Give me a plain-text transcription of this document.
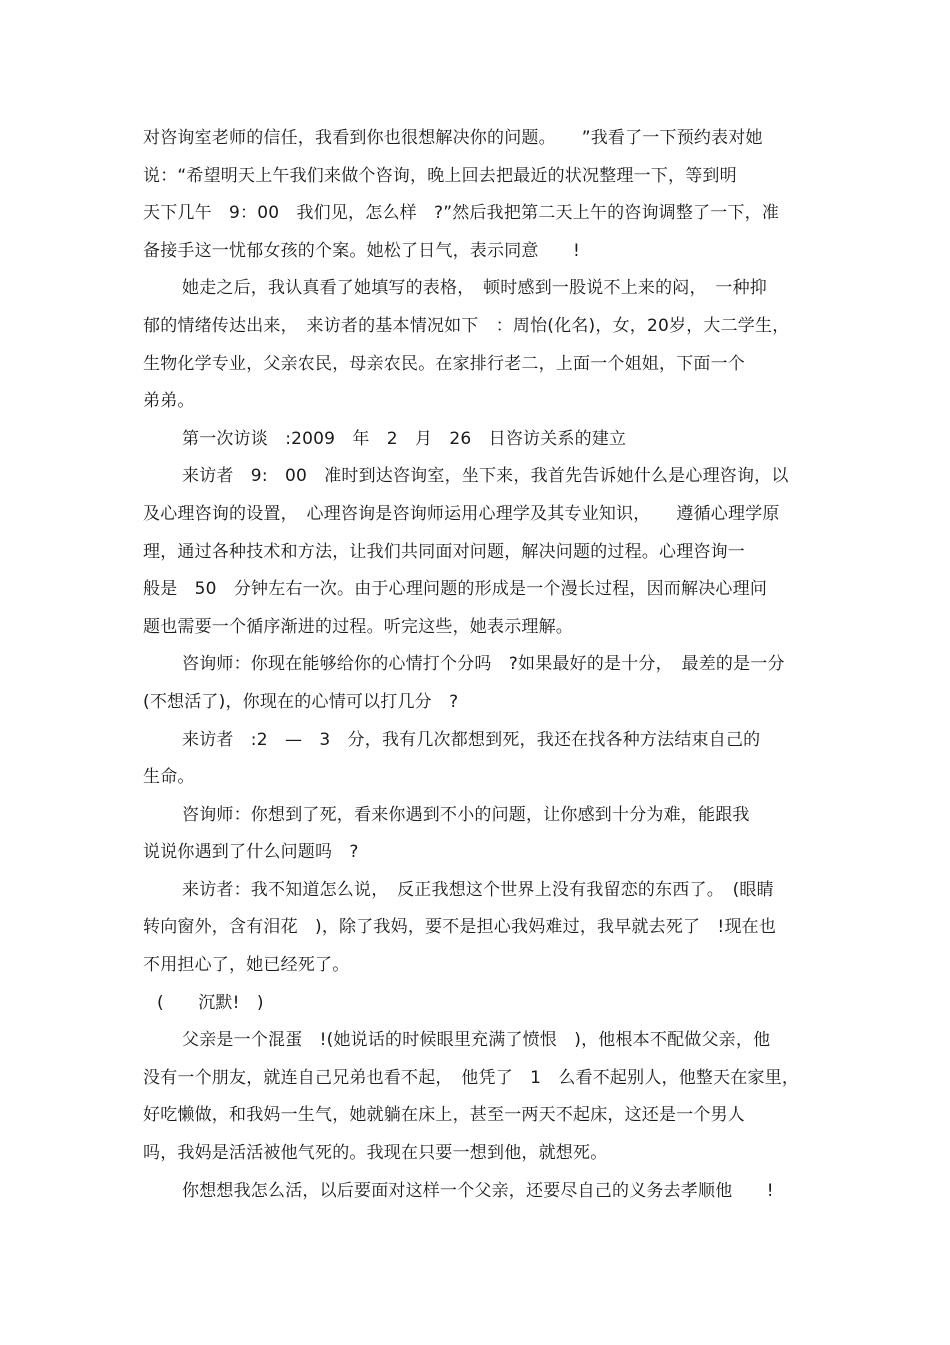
对咨询室老师的信任，我看到你也很想解决你的问题。　　”我看了一下预约表对她
说：“希望明天上午我们来做个咨询，晚上回去把最近的状况整理一下，等到明
天下几午　9：00　我们见，怎么样　?”然后我把第二天上午的咨询调整了一下，准
备接手这一忧郁女孩的个案。她松了日气，表示同意　　!
她走之后，我认真看了她填写的表格，　顿时感到一股说不上来的闷，　一种抑
郁的情绪传达出来，　来访者的基本情况如下　：周怡(化名)，女，20岁，大二学生，
生物化学专业，父亲农民，母亲农民。在家排行老二，上面一个姐姐，下面一个
弟弟。
第一次访谈　:2009　年　2　月　26　日咨访关系的建立
来访者　9:　00　准时到达咨询室，坐下来，我首先告诉她什么是心理咨询，以
及心理咨询的设置，　心理咨询是咨询师运用心理学及其专业知识，　　遵循心理学原
理，通过各种技术和方法，让我们共同面对问题，解决问题的过程。心理咨询一
般是　50　分钟左右一次。由于心理问题的形成是一个漫长过程，因而解决心理问
题也需要一个循序渐进的过程。听完这些，她表示理解。
咨询师：你现在能够给你的心情打个分吗　?如果最好的是十分，　最差的是一分
(不想活了)，你现在的心情可以打几分　?
来访者　:2　—　3　分，我有几次都想到死，我还在找各种方法结束自己的
生命。
咨询师：你想到了死，看来你遇到不小的问题，让你感到十分为难，能跟我
说说你遇到了什么问题吗　?
来访者：我不知道怎么说，　反正我想这个世界上没有我留恋的东西了。　(眼睛
转向窗外，含有泪花　)，除了我妈，要不是担心我妈难过，我早就去死了　!现在也
不用担心了，她已经死了。
(　　沉默!　)
父亲是一个混蛋　!(她说话的时候眼里充满了愤恨　)，他根本不配做父亲，他
没有一个朋友，就连自己兄弟也看不起，　他凭了　1　么看不起别人，他整天在家里，
好吃懒做，和我妈一生气，她就躺在床上，甚至一两天不起床，这还是一个男人
吗，我妈是活活被他气死的。我现在只要一想到他，就想死。
你想想我怎么活，以后要面对这样一个父亲，还要尽自己的义务去孝顺他　　!
